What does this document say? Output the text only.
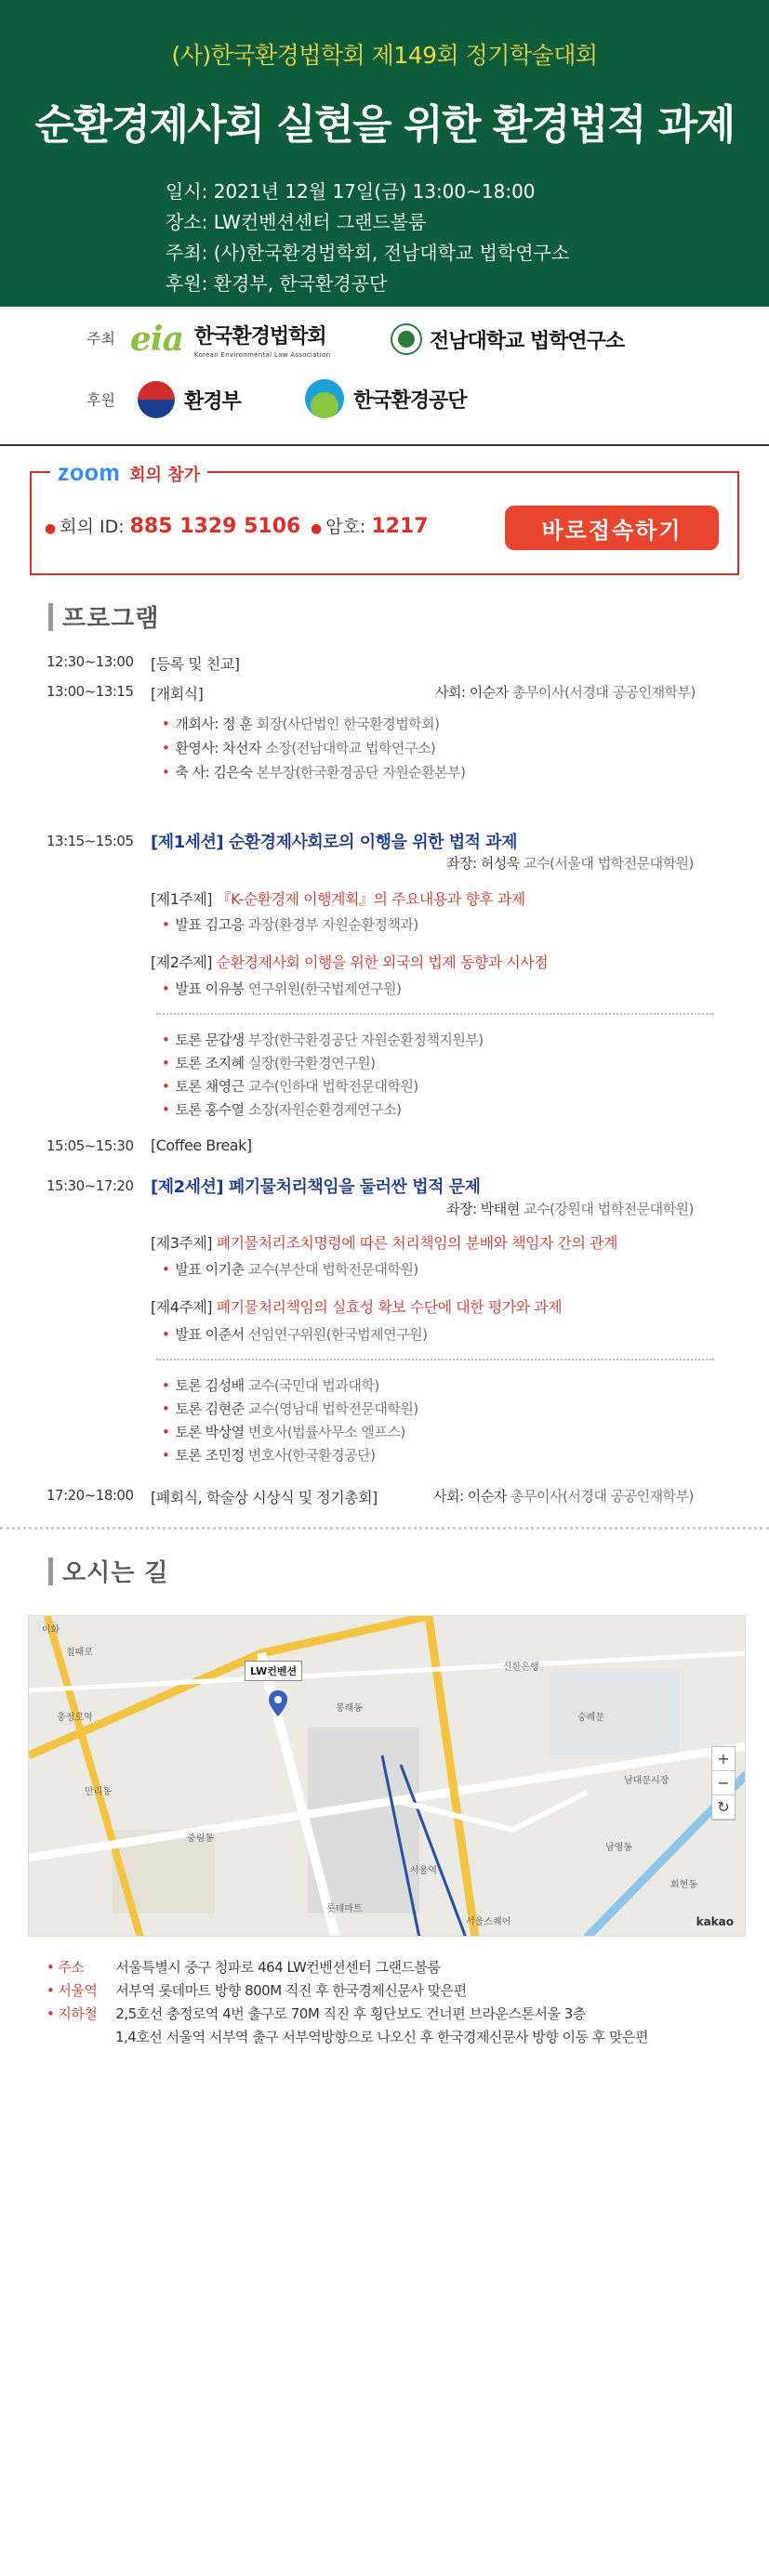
(사)한국환경법학회 제149회 정기학술대회
순환경제사회 실현을 위한 환경법적 과제
일시: 2021년 12월 17일(금) 13:00~18:00
장소: LW컨벤션센터 그랜드볼룸
주최: (사)한국환경법학회, 전남대학교 법학연구소
후원: 환경부, 한국환경공단
주최 eia 한국환경법학회
Korean Environmental Law Association
전남대학교 법학연구소
후원	환경부	한국환경공단
zoom 회의 참가
● 회의 ID: 885 1329 5106 ● 암호: 1217	바로접속하기
프로그램
12:30~13:00 [등록 및 친교]
13:00~13:15 [개회식]	사회: 이순자 총무이사(서경대 공공인재학부)
• 개회사: 정 훈 회장(사단법인 한국환경법학회)
• 환영사: 차선자 소장(전남대학교 법학연구소)
• 축 사: 김은숙 본부장(한국환경공단 자원순환본부)
13:15~15:05 [제1세션] 순환경제사회로의 이행을 위한 법적 과제
좌장: 허성욱 교수(서울대 법학전문대학원)
[제1주제] 『K-순환경제 이행계획』의 주요내용과 향후 과제
• 발표 김고응 과장(환경부 자원순환정책과)
[제2주제] 순환경제사회 이행을 위한 외국의 법제 동향과 시사점
• 발표 이유봉 연구위원(한국법제연구원)
• 토론 문갑생 부장(한국환경공단 자원순환정책지원부)
• 토론 조지혜 실장(한국환경연구원)
• 토론 채영근 교수(인하대 법학전문대학원)
• 토론 홍수열 소장(자원순환경제연구소)
15:05~15:30 [Coffee Break]
15:30~17:20 [제2세션] 폐기물처리책임을 둘러싼 법적 문제
좌장: 박태현 교수(강원대 법학전문대학원)
[제3주제] 폐기물처리조치명령에 따른 처리책임의 분배와 책임자 간의 관계
• 발표 이기춘 교수(부산대 법학전문대학원)
[제4주제] 폐기물처리책임의 실효성 확보 수단에 대한 평가와 과제
• 발표 이준서 선임연구위원(한국법제연구원)
• 토론 김성배 교수(국민대 법과대학)
• 토론 김현준 교수(영남대 법학전문대학원)
• 토론 박상열 변호사(법률사무소 엘프스)
• 토론 조민정 변호사(한국환경공단)
17:20~18:00 [폐회식, 학술상 시상식 및 정기총회]	사회: 이순자 총무이사(서경대 공공인재학부)
오시는 길
이화
칠패로
중림동
서울역
서울스퀘어
남대문시장
회현동
봉래동
숭례문
롯데마트
만리동
남영동
충정로역
신한은행
LW컨벤션
+
−
↻
kakao
• 주소 서울특별시 중구 청파로 464 LW컨벤션센터 그랜드볼룸
• 서울역 서부역 롯데마트 방향 800M 직진 후 한국경제신문사 맞은편
• 지하철 2,5호선 충정로역 4번 출구로 70M 직진 후 횡단보도 건너편 브라운스톤서울 3층
1,4호선 서울역 서부역 출구 서부역방향으로 나오신 후 한국경제신문사 방향 이동 후 맞은편
